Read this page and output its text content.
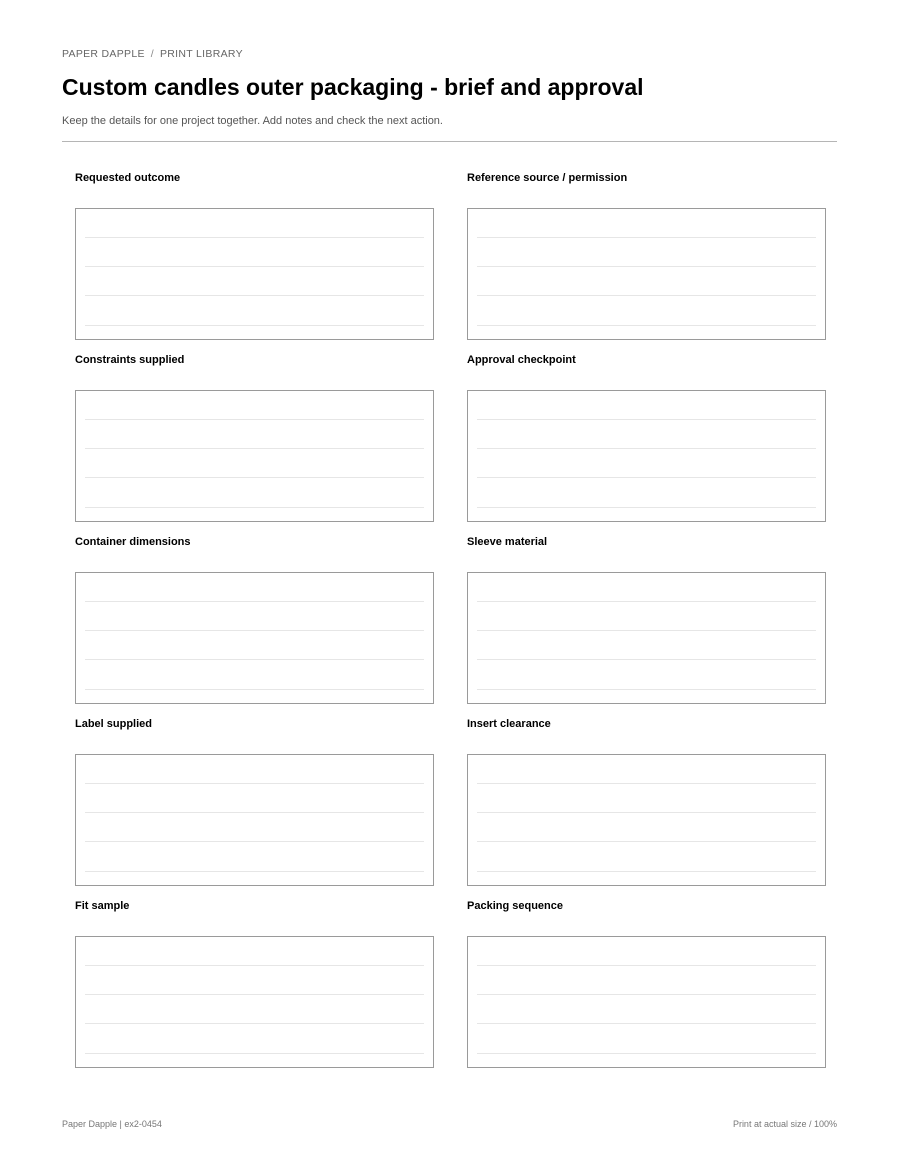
PAPER DAPPLE / PRINT LIBRARY
Custom candles outer packaging - brief and approval
Keep the details for one project together. Add notes and check the next action.
Requested outcome	Reference source / permission
Constraints supplied	Approval checkpoint
Container dimensions	Sleeve material
Label supplied	Insert clearance
Fit sample	Packing sequence
Paper Dapple | ex2-0454	Print at actual size / 100%
